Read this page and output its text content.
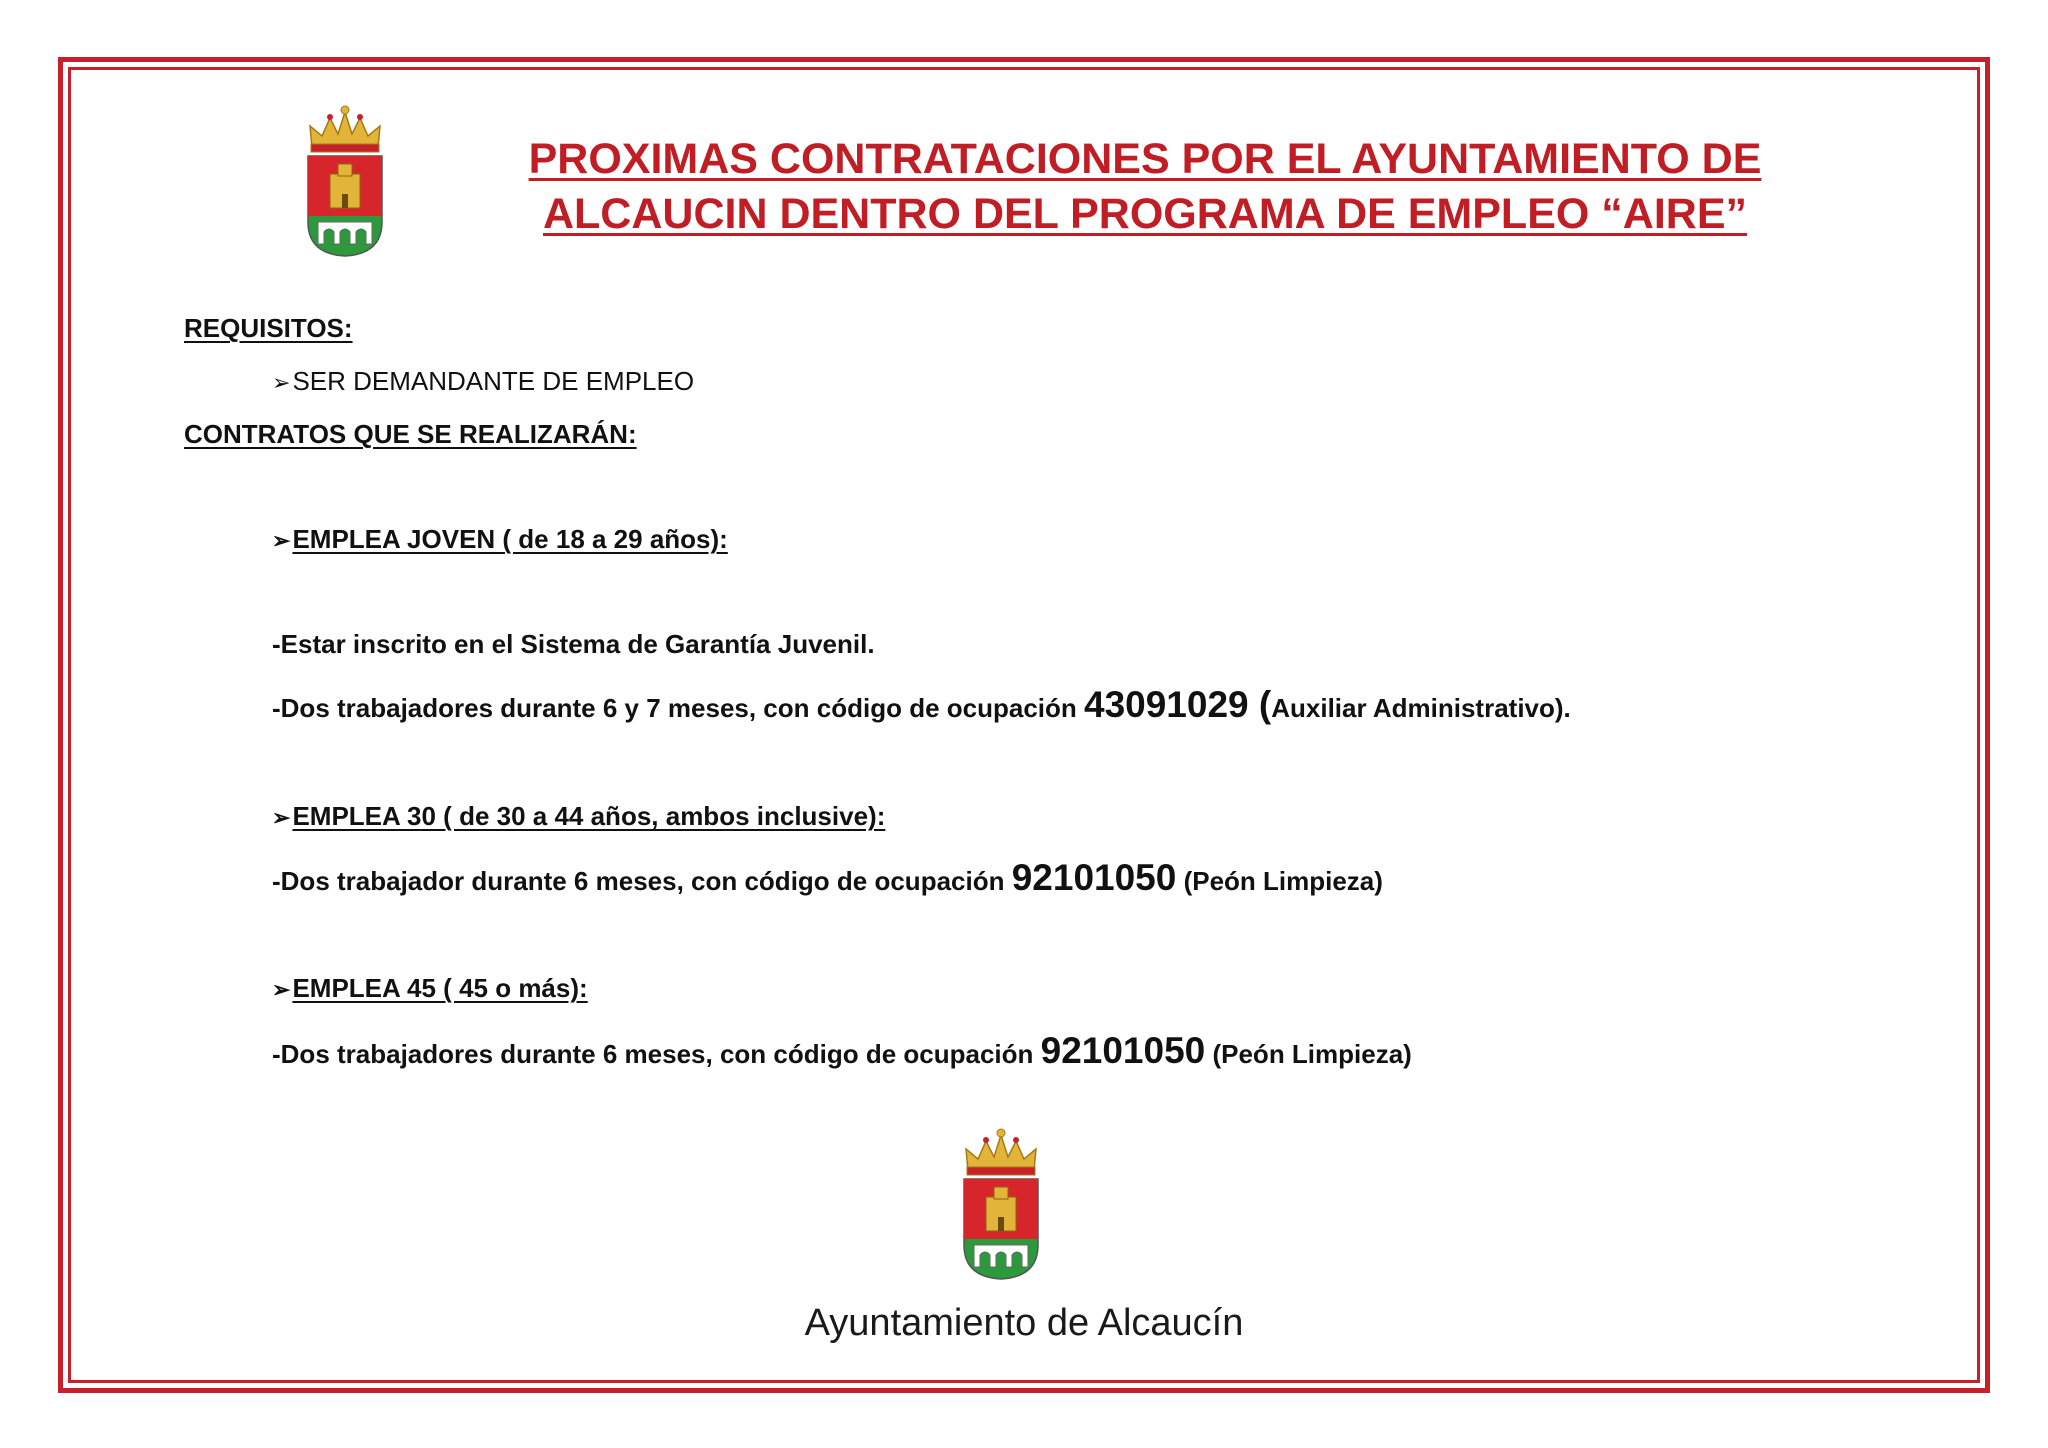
PROXIMAS CONTRATACIONES POR EL AYUNTAMIENTO DE
ALCAUCIN DENTRO DEL PROGRAMA DE EMPLEO “AIRE”
REQUISITOS:
➢SER DEMANDANTE DE EMPLEO
CONTRATOS QUE SE REALIZARÁN:
➢EMPLEA JOVEN ( de 18 a 29 años):
-Estar inscrito en el Sistema de Garantía Juvenil.
-Dos trabajadores durante 6 y 7 meses, con código de ocupación 43091029 (Auxiliar Administrativo).
➢EMPLEA 30 ( de 30 a 44 años, ambos inclusive):
-Dos trabajador durante 6 meses, con código de ocupación 92101050 (Peón Limpieza)
➢EMPLEA 45 ( 45 o más):
-Dos trabajadores durante 6 meses, con código de ocupación 92101050 (Peón Limpieza)
Ayuntamiento de Alcaucín
